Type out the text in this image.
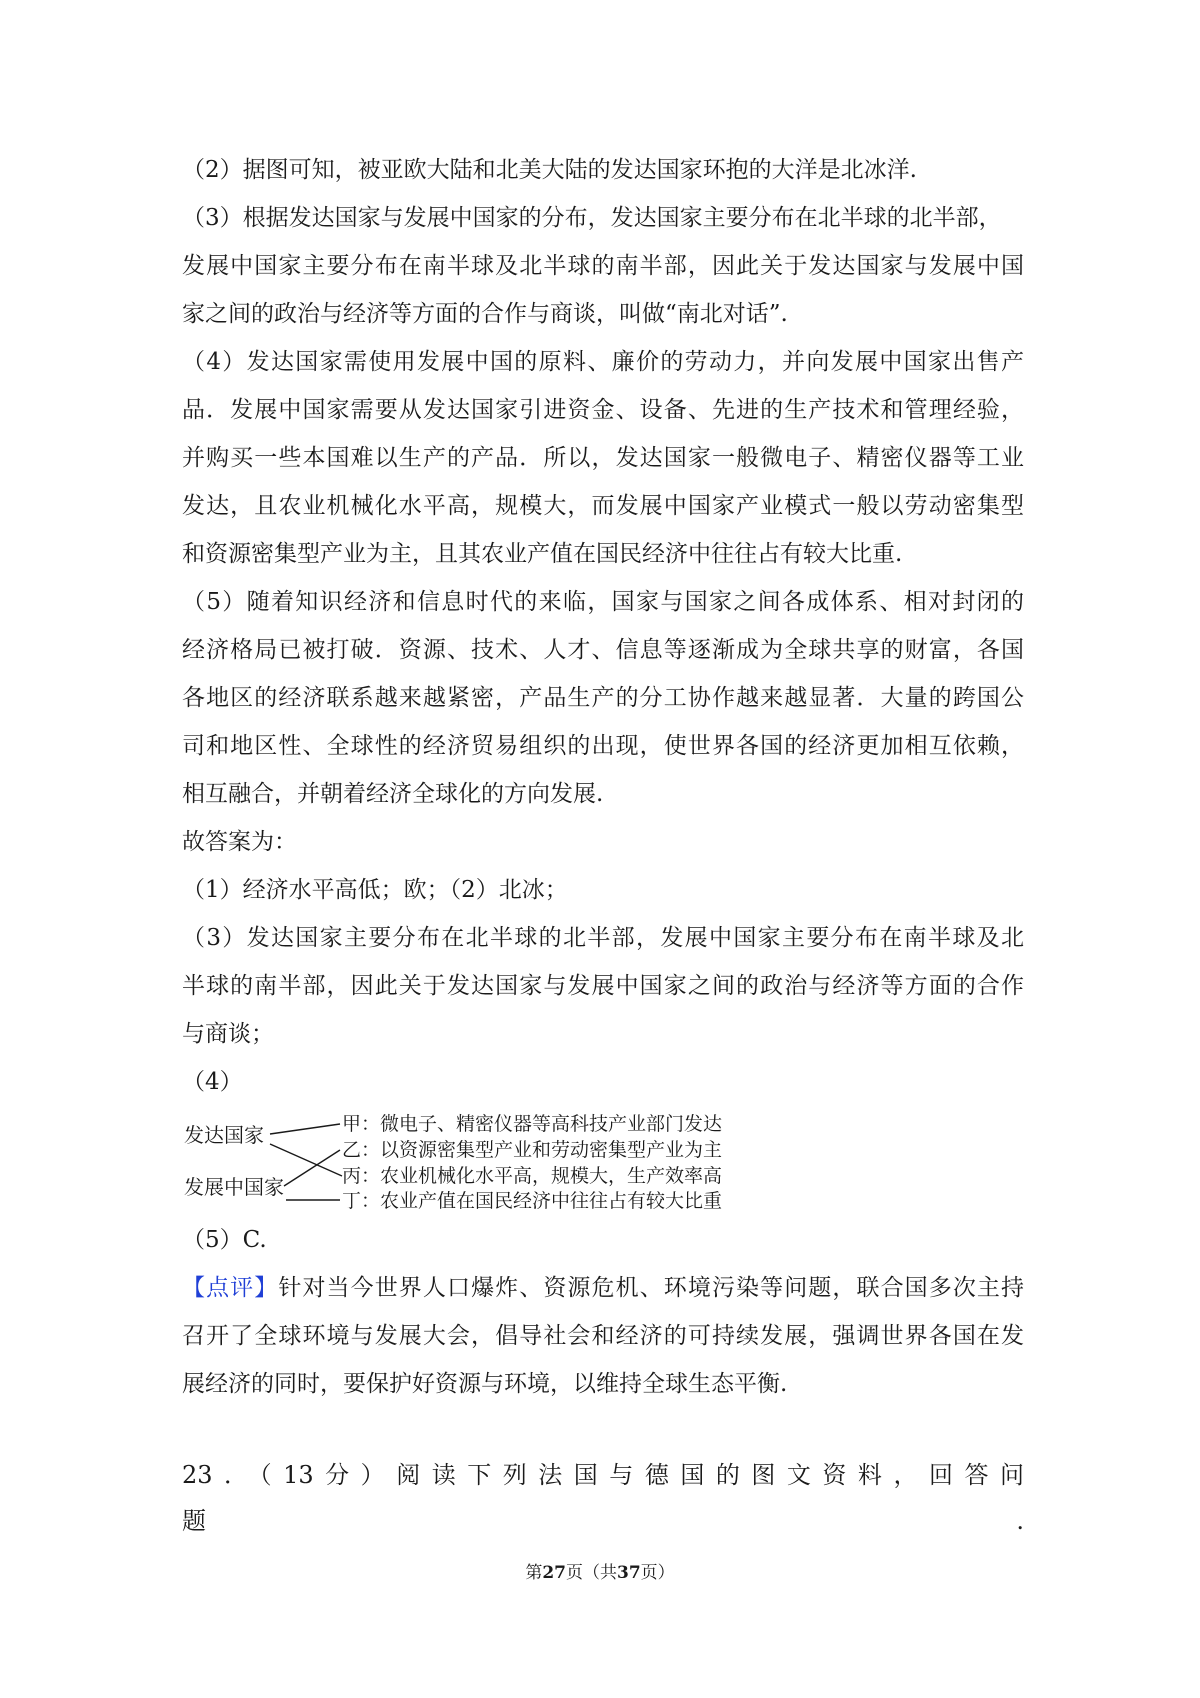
（2）据图可知，被亚欧大陆和北美大陆的发达国家环抱的大洋是北冰洋.
（3）根据发达国家与发展中国家的分布，发达国家主要分布在北半球的北半部，
发展中国家主要分布在南半球及北半球的南半部，因此关于发达国家与发展中国
家之间的政治与经济等方面的合作与商谈，叫做“南北对话”.
（4）发达国家需使用发展中国的原料、廉价的劳动力，并向发展中国家出售产
品．发展中国家需要从发达国家引进资金、设备、先进的生产技术和管理经验，
并购买一些本国难以生产的产品．所以，发达国家一般微电子、精密仪器等工业
发达，且农业机械化水平高，规模大，而发展中国家产业模式一般以劳动密集型
和资源密集型产业为主，且其农业产值在国民经济中往往占有较大比重.
（5）随着知识经济和信息时代的来临，国家与国家之间各成体系、相对封闭的
经济格局已被打破．资源、技术、人才、信息等逐渐成为全球共享的财富，各国
各地区的经济联系越来越紧密，产品生产的分工协作越来越显著．大量的跨国公
司和地区性、全球性的经济贸易组织的出现，使世界各国的经济更加相互依赖，
相互融合，并朝着经济全球化的方向发展.
故答案为：
（1）经济水平高低；欧；（2）北冰；
（3）发达国家主要分布在北半球的北半部，发展中国家主要分布在南半球及北
半球的南半部，因此关于发达国家与发展中国家之间的政治与经济等方面的合作
与商谈；
（4）
发达国家
发展中国家
甲：微电子、精密仪器等高科技产业部门发达
乙：以资源密集型产业和劳动密集型产业为主
丙：农业机械化水平高，规模大，生产效率高
丁：农业产值在国民经济中往往占有较大比重
（5）C.
【点评】针对当今世界人口爆炸、资源危机、环境污染等问题，联合国多次主持
召开了全球环境与发展大会，倡导社会和经济的可持续发展，强调世界各国在发
展经济的同时，要保护好资源与环境，以维持全球生态平衡.
23．（13分）阅读下列法国与德国的图文资料，回答问
题	.
第27页（共37页）
